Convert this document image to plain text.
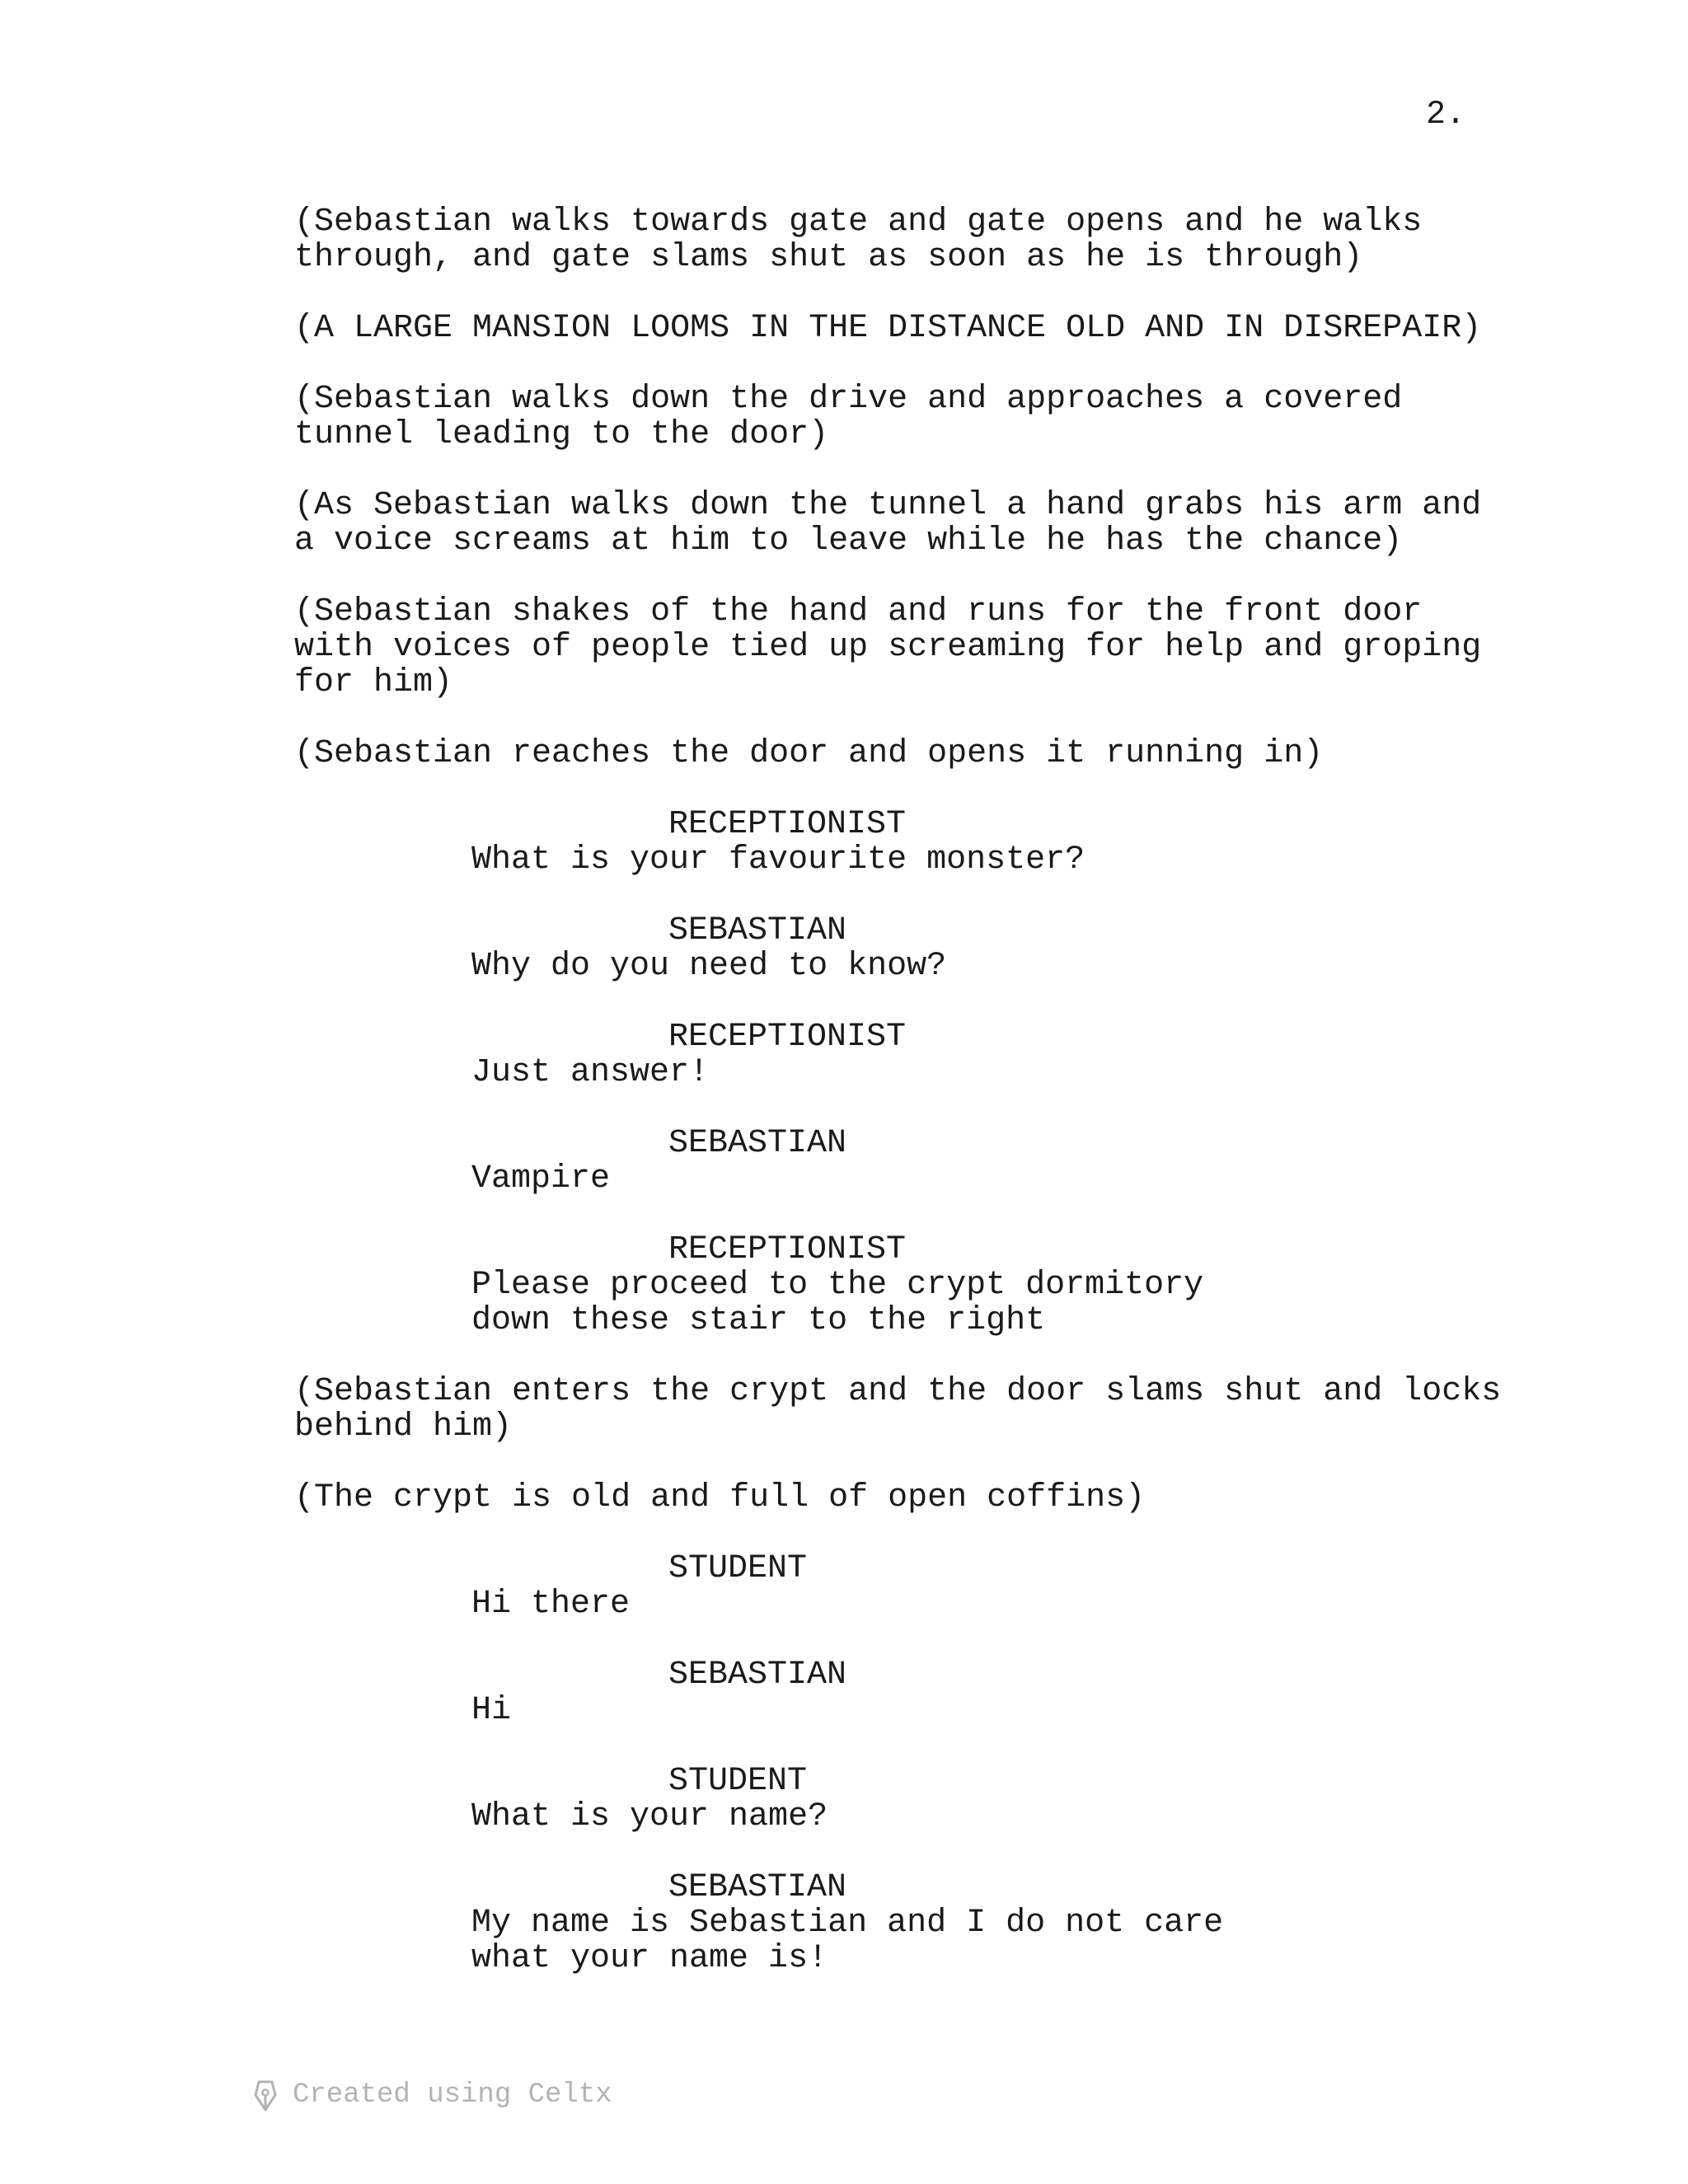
2.
(Sebastian walks towards gate and gate opens and he walks
through, and gate slams shut as soon as he is through)
(A LARGE MANSION LOOMS IN THE DISTANCE OLD AND IN DISREPAIR)
(Sebastian walks down the drive and approaches a covered
tunnel leading to the door)
(As Sebastian walks down the tunnel a hand grabs his arm and
a voice screams at him to leave while he has the chance)
(Sebastian shakes of the hand and runs for the front door
with voices of people tied up screaming for help and groping
for him)
(Sebastian reaches the door and opens it running in)
RECEPTIONIST
What is your favourite monster?
SEBASTIAN
Why do you need to know?
RECEPTIONIST
Just answer!
SEBASTIAN
Vampire
RECEPTIONIST
Please proceed to the crypt dormitory
down these stair to the right
(Sebastian enters the crypt and the door slams shut and locks
behind him)
(The crypt is old and full of open coffins)
STUDENT
Hi there
SEBASTIAN
Hi
STUDENT
What is your name?
SEBASTIAN
My name is Sebastian and I do not care
what your name is!
Created using Celtx
